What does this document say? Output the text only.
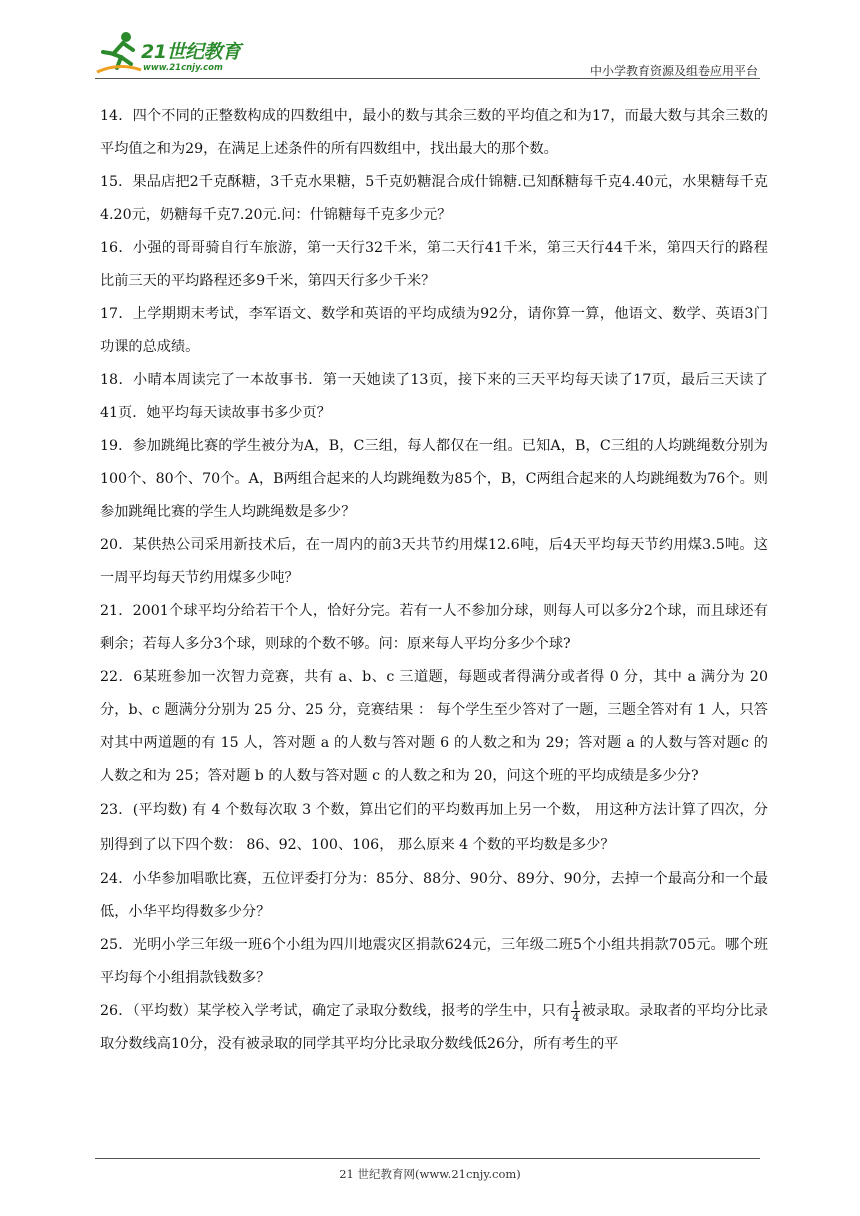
21世纪教育
www.21cnjy.com	中小学教育资源及组卷应用平台

14．四个不同的正整数构成的四数组中，最小的数与其余三数的平均值之和为17，而最大数与其余三数的平均值之和为29，在满足上述条件的所有四数组中，找出最大的那个数。

15．果品店把2千克酥糖，3千克水果糖，5千克奶糖混合成什锦糖.已知酥糖每千克4.40元，水果糖每千克4.20元，奶糖每千克7.20元.问：什锦糖每千克多少元？

16．小强的哥哥骑自行车旅游，第一天行32千米，第二天行41千米，第三天行44千米，第四天行的路程比前三天的平均路程还多9千米，第四天行多少千米？

17．上学期期末考试，李军语文、数学和英语的平均成绩为92分，请你算一算，他语文、数学、英语3门功课的总成绩。

18．小晴本周读完了一本故事书．第一天她读了13页，接下来的三天平均每天读了17页，最后三天读了41页．她平均每天读故事书多少页？

19．参加跳绳比赛的学生被分为A，B，C三组，每人都仅在一组。已知A，B，C三组的人均跳绳数分别为100个、80个、70个。A，B两组合起来的人均跳绳数为85个，B，C两组合起来的人均跳绳数为76个。则参加跳绳比赛的学生人均跳绳数是多少？

20．某供热公司采用新技术后，在一周内的前3天共节约用煤12.6吨，后4天平均每天节约用煤3.5吨。这一周平均每天节约用煤多少吨？

21．2001个球平均分给若干个人，恰好分完。若有一人不参加分球，则每人可以多分2个球，而且球还有剩余；若每人多分3个球，则球的个数不够。问：原来每人平均分多少个球?

22．6某班参加一次智力竞赛，共有 a、b、c 三道题，每题或者得满分或者得 0 分，其中 a 满分为 20 分，b、c 题满分分别为 25 分、25 分，竞赛结果 ： 每个学生至少答对了一题，三题全答对有 1 人，只答对其中两道题的有 15 人，答对题 a 的人数与答对题 6 的人数之和为 29；答对题 a 的人数与答对题c 的人数之和为 25；答对题 b 的人数与答对题 c 的人数之和为 20，问这个班的平均成绩是多少分?

23．(平均数) 有 4 个数每次取 3 个数，算出它们的平均数再加上另一个数， 用这种方法计算了四次，分别得到了以下四个数： 86、92、100、106， 那么原来 4 个数的平均数是多少？

24．小华参加唱歌比赛，五位评委打分为：85分、88分、90分、89分、90分，去掉一个最高分和一个最低，小华平均得数多少分？

25．光明小学三年级一班6个小组为四川地震灾区捐款624元，三年级二班5个小组共捐款705元。哪个班平均每个小组捐款钱数多？

26．（平均数）某学校入学考试，确定了录取分数线，报考的学生中，只有 $\frac{1}{4}$ 被录取。录取者的平均分比录取分数线高10分，没有被录取的同学其平均分比录取分数线低26分，所有考生的平

21 世纪教育网(www.21cnjy.com)
